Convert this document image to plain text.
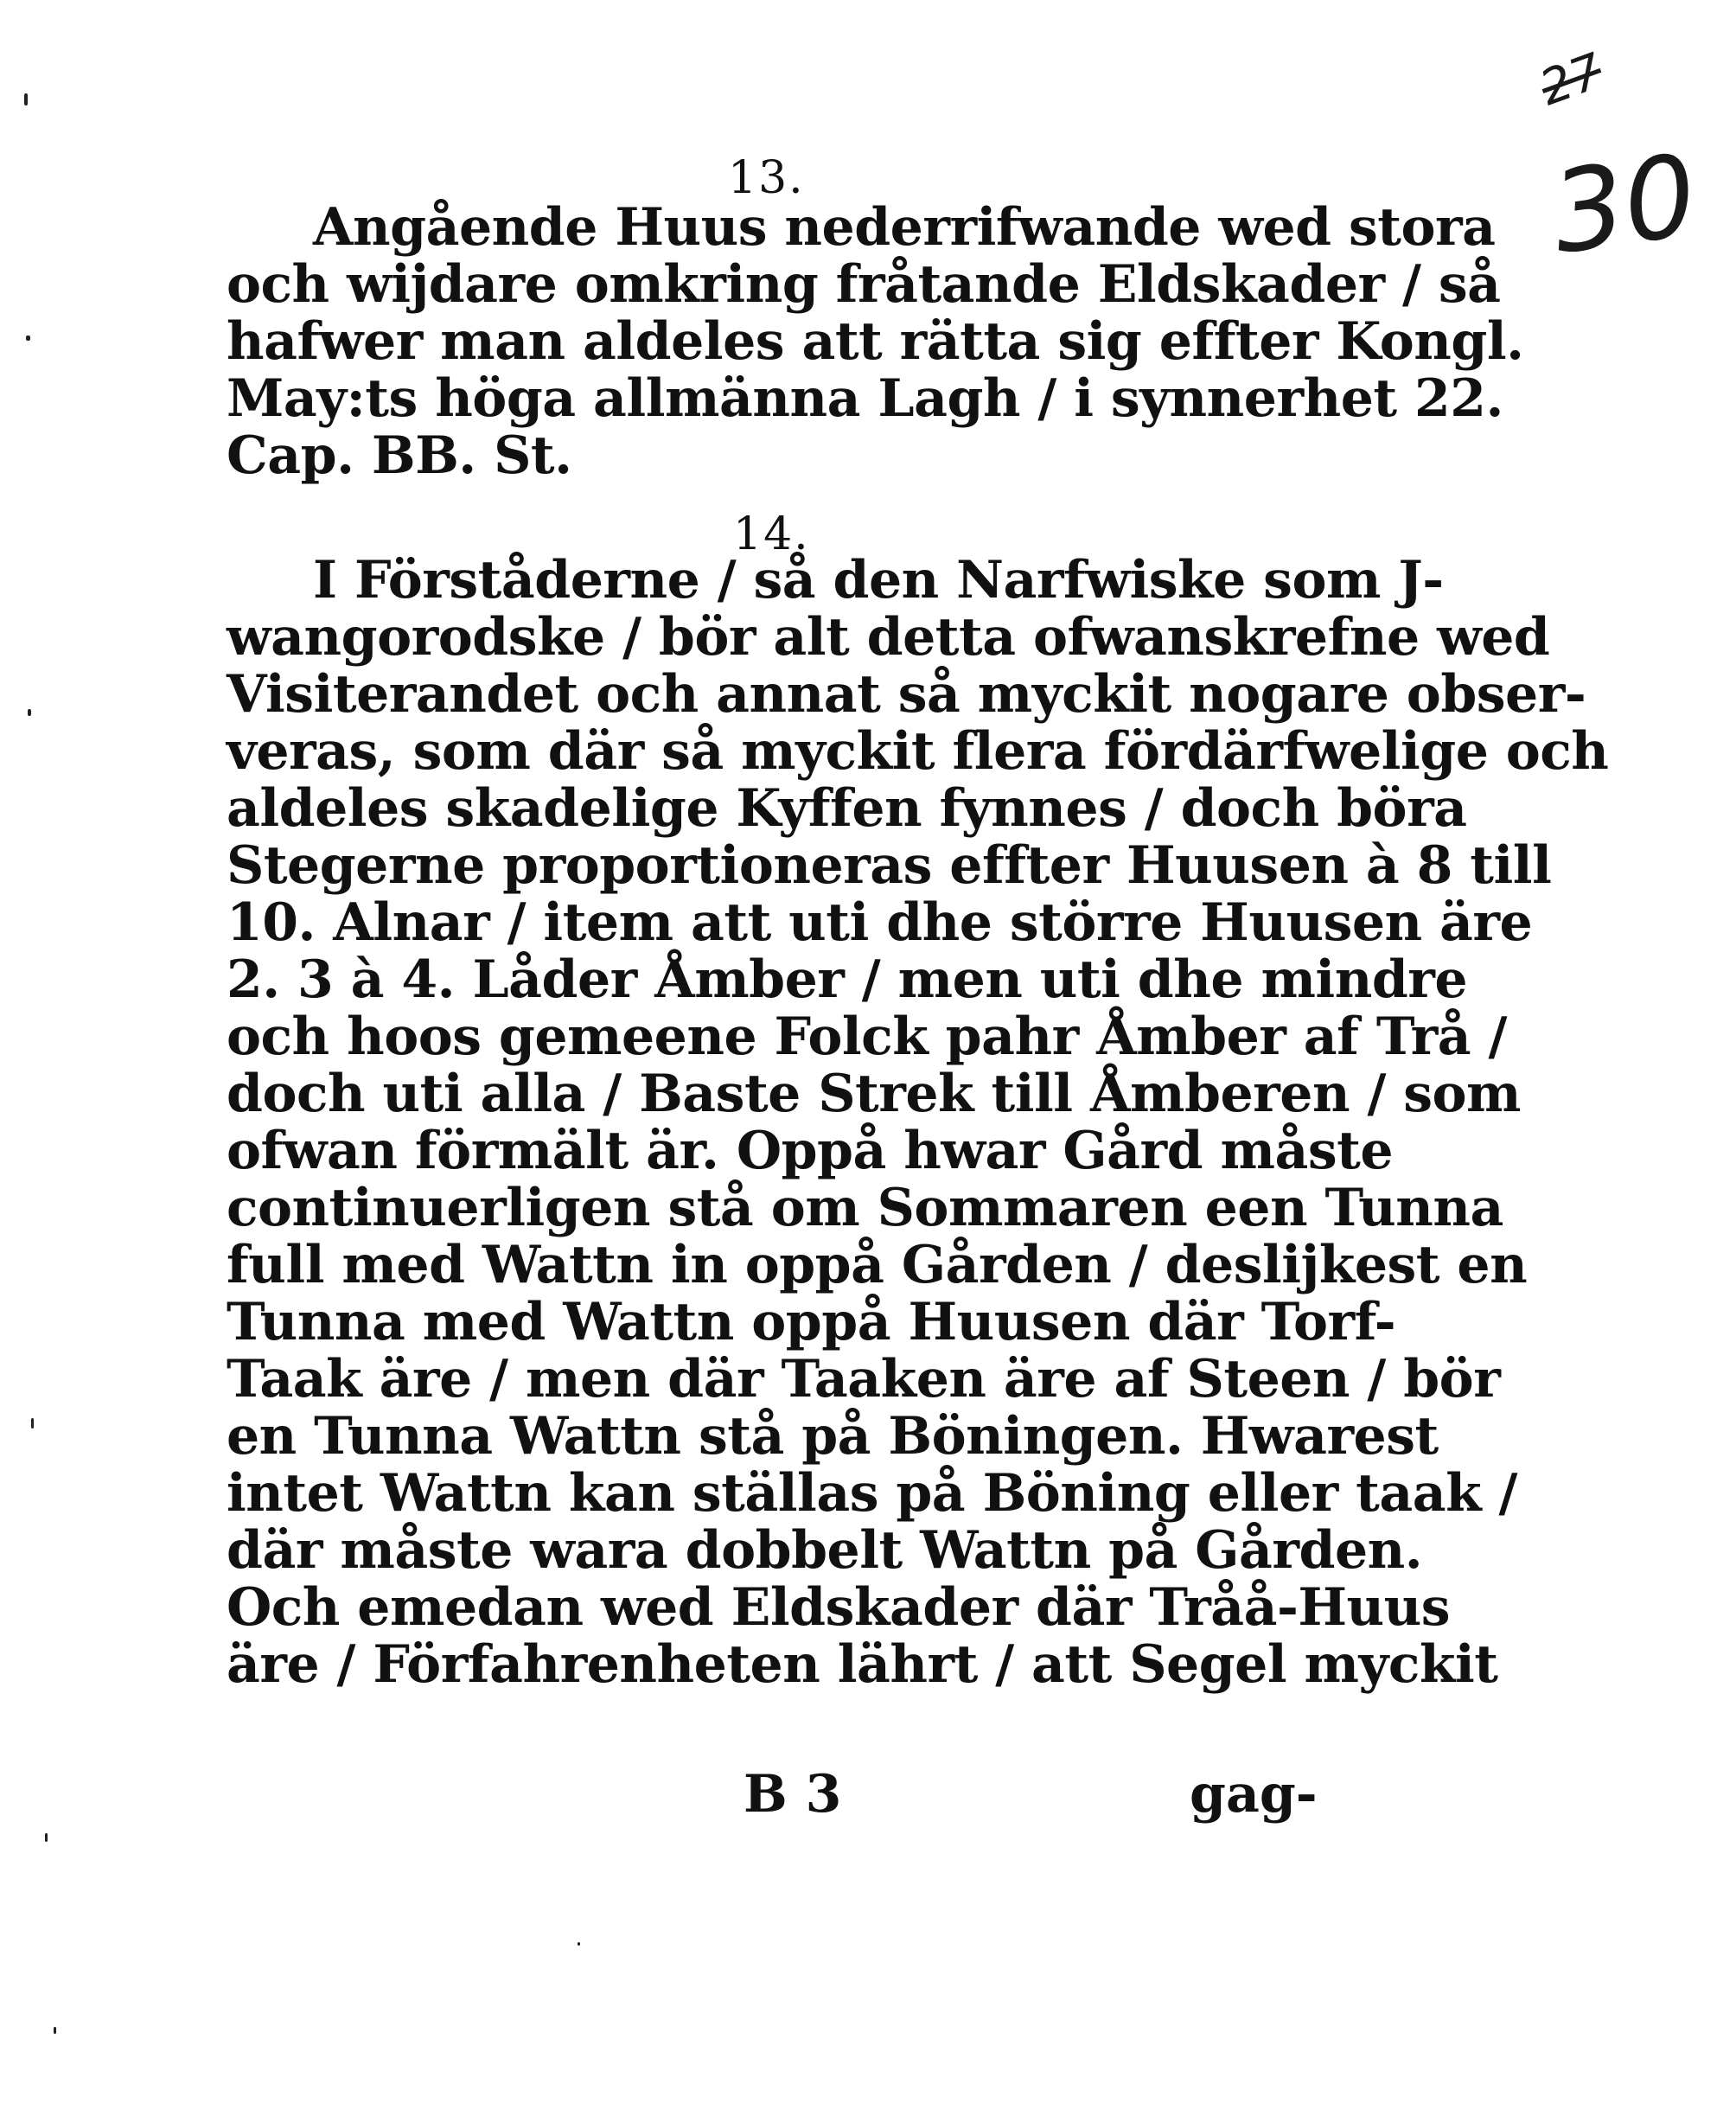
13.
Angående Huus nederrifwande wed stora
och wijdare omkring fråtande Eldskader / så
hafwer man aldeles att rätta sig effter Kongl.
May:ts höga allmänna Lagh / i synnerhet 22.
Cap. BB. St.
14.
I Förståderne / så den Narfwiske som J-
wangorodske / bör alt detta ofwanskrefne wed
Visiterandet och annat så myckit nogare obser-
veras, som där så myckit flera fördärfwelige och
aldeles skadelige Kyffen fynnes / doch böra
Stegerne proportioneras effter Huusen à 8 till
10. Alnar / item att uti dhe större Huusen äre
2. 3 à 4. Låder Åmber / men uti dhe mindre
och hoos gemeene Folck pahr Åmber af Trå /
doch uti alla / Baste Strek till Åmberen / som
ofwan förmält är. Oppå hwar Gård måste
continuerligen stå om Sommaren een Tunna
full med Wattn in oppå Gården / deslijkest en
Tunna med Wattn oppå Huusen där Torf-
Taak äre / men där Taaken äre af Steen / bör
en Tunna Wattn stå på Böningen. Hwarest
intet Wattn kan ställas på Böning eller taak /
där måste wara dobbelt Wattn på Gården.
Och emedan wed Eldskader där Tråå-Huus
äre / Förfahrenheten lährt / att Segel myckit
B 3	gag-
27
30
